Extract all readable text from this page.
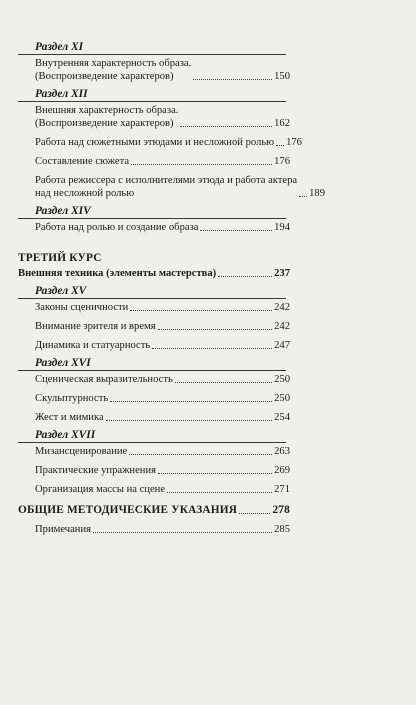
Раздел XI
Внутренняя характерность образа.
(Воспроизведение характеров)	150
Раздел XII
Внешняя характерность образа.
(Воспроизведение характеров)	162
Работа над сюжетными этюдами и несложной ролью 176
Составление сюжета	176
Работа режиссера с исполнителями этюда и работа актера
над несложной ролью	189
Раздел XIV
Работа над ролью и создание образа	194
ТРЕТИЙ КУРС
Внешняя техника (элементы мастерства)	237
Раздел XV
Законы сценичности	242
Внимание зрителя и время	242
Динамика и статуарность	247
Раздел XVI
Сценическая выразительность	250
Скульптурность	250
Жест и мимика	254
Раздел XVII
Мизансценирование	263
Практические упражнения	269
Организация массы на сцене	271
ОБЩИЕ МЕТОДИЧЕСКИЕ УКАЗАНИЯ	278
Примечания	285
